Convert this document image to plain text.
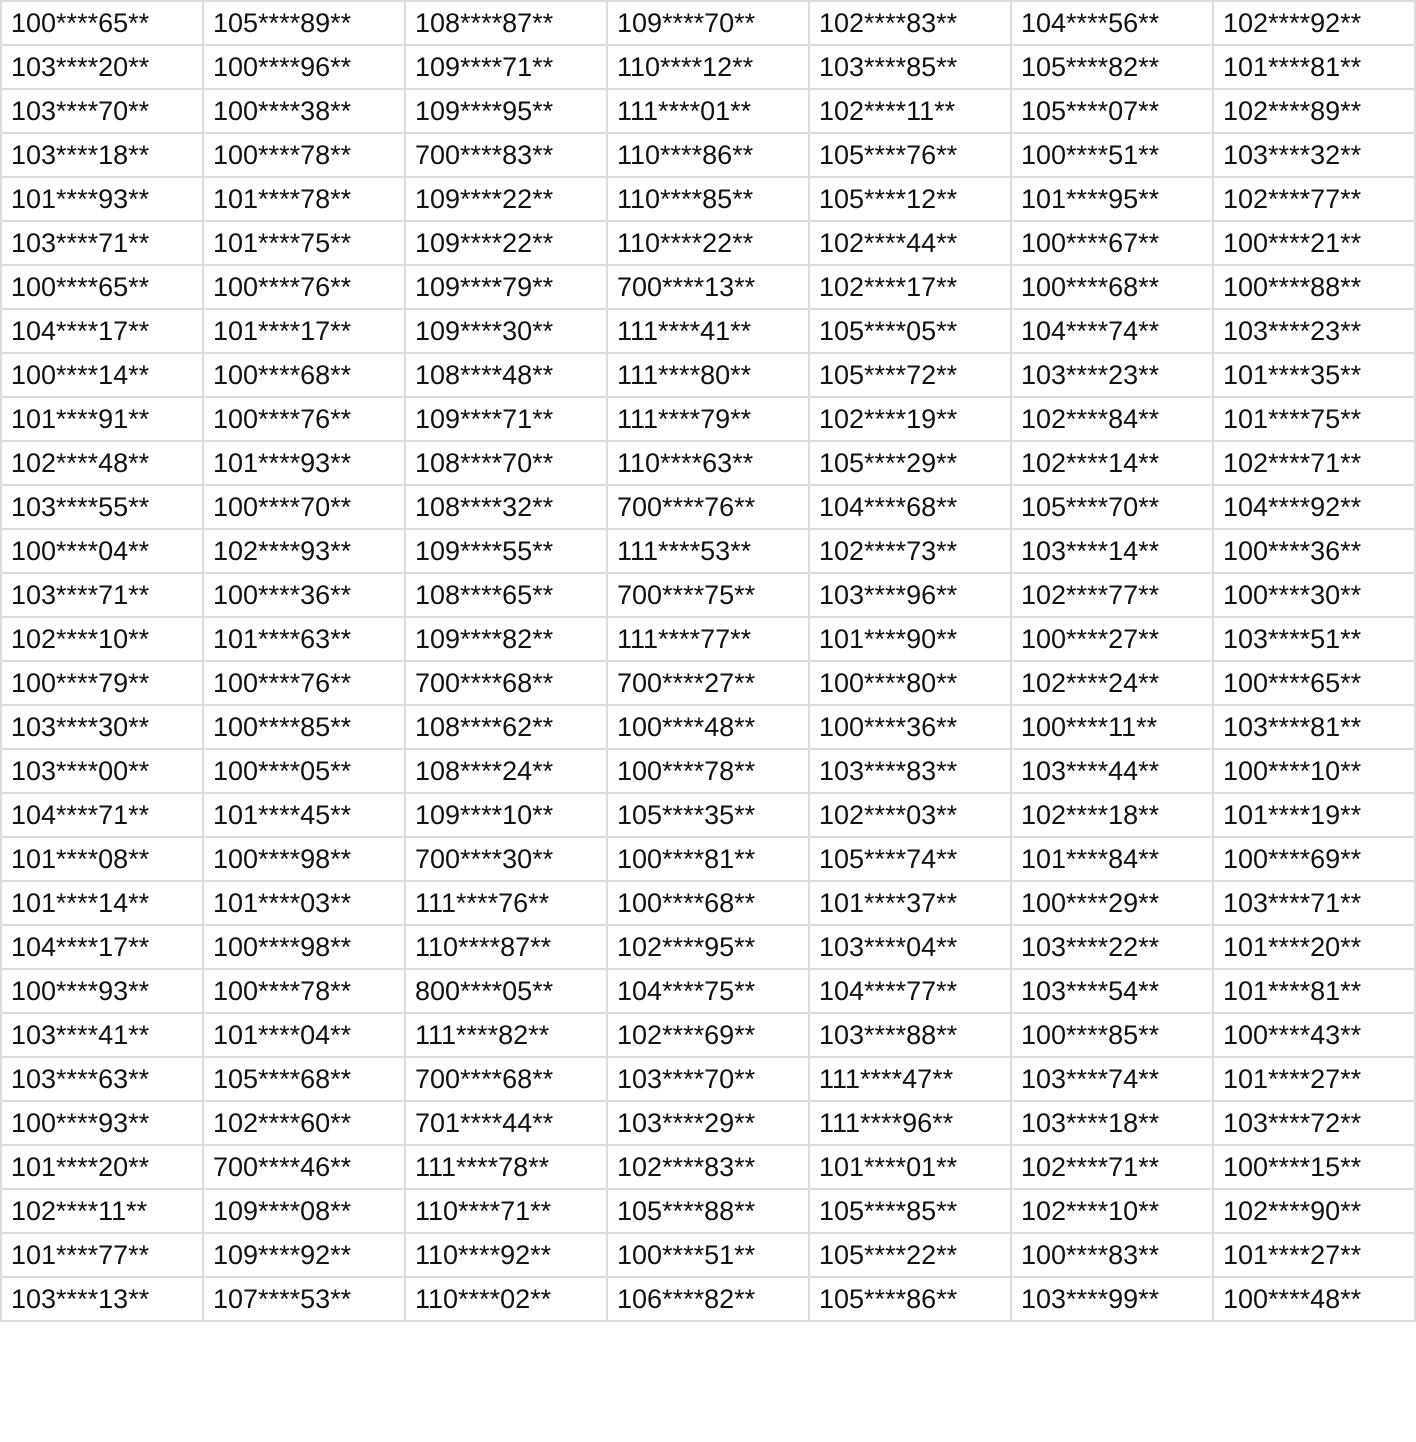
100****65**	105****89**	108****87**	109****70**	102****83**	104****56**	102****92**
103****20**	100****96**	109****71**	110****12**	103****85**	105****82**	101****81**
103****70**	100****38**	109****95**	111****01**	102****11**	105****07**	102****89**
103****18**	100****78**	700****83**	110****86**	105****76**	100****51**	103****32**
101****93**	101****78**	109****22**	110****85**	105****12**	101****95**	102****77**
103****71**	101****75**	109****22**	110****22**	102****44**	100****67**	100****21**
100****65**	100****76**	109****79**	700****13**	102****17**	100****68**	100****88**
104****17**	101****17**	109****30**	111****41**	105****05**	104****74**	103****23**
100****14**	100****68**	108****48**	111****80**	105****72**	103****23**	101****35**
101****91**	100****76**	109****71**	111****79**	102****19**	102****84**	101****75**
102****48**	101****93**	108****70**	110****63**	105****29**	102****14**	102****71**
103****55**	100****70**	108****32**	700****76**	104****68**	105****70**	104****92**
100****04**	102****93**	109****55**	111****53**	102****73**	103****14**	100****36**
103****71**	100****36**	108****65**	700****75**	103****96**	102****77**	100****30**
102****10**	101****63**	109****82**	111****77**	101****90**	100****27**	103****51**
100****79**	100****76**	700****68**	700****27**	100****80**	102****24**	100****65**
103****30**	100****85**	108****62**	100****48**	100****36**	100****11**	103****81**
103****00**	100****05**	108****24**	100****78**	103****83**	103****44**	100****10**
104****71**	101****45**	109****10**	105****35**	102****03**	102****18**	101****19**
101****08**	100****98**	700****30**	100****81**	105****74**	101****84**	100****69**
101****14**	101****03**	111****76**	100****68**	101****37**	100****29**	103****71**
104****17**	100****98**	110****87**	102****95**	103****04**	103****22**	101****20**
100****93**	100****78**	800****05**	104****75**	104****77**	103****54**	101****81**
103****41**	101****04**	111****82**	102****69**	103****88**	100****85**	100****43**
103****63**	105****68**	700****68**	103****70**	111****47**	103****74**	101****27**
100****93**	102****60**	701****44**	103****29**	111****96**	103****18**	103****72**
101****20**	700****46**	111****78**	102****83**	101****01**	102****71**	100****15**
102****11**	109****08**	110****71**	105****88**	105****85**	102****10**	102****90**
101****77**	109****92**	110****92**	100****51**	105****22**	100****83**	101****27**
103****13**	107****53**	110****02**	106****82**	105****86**	103****99**	100****48**
